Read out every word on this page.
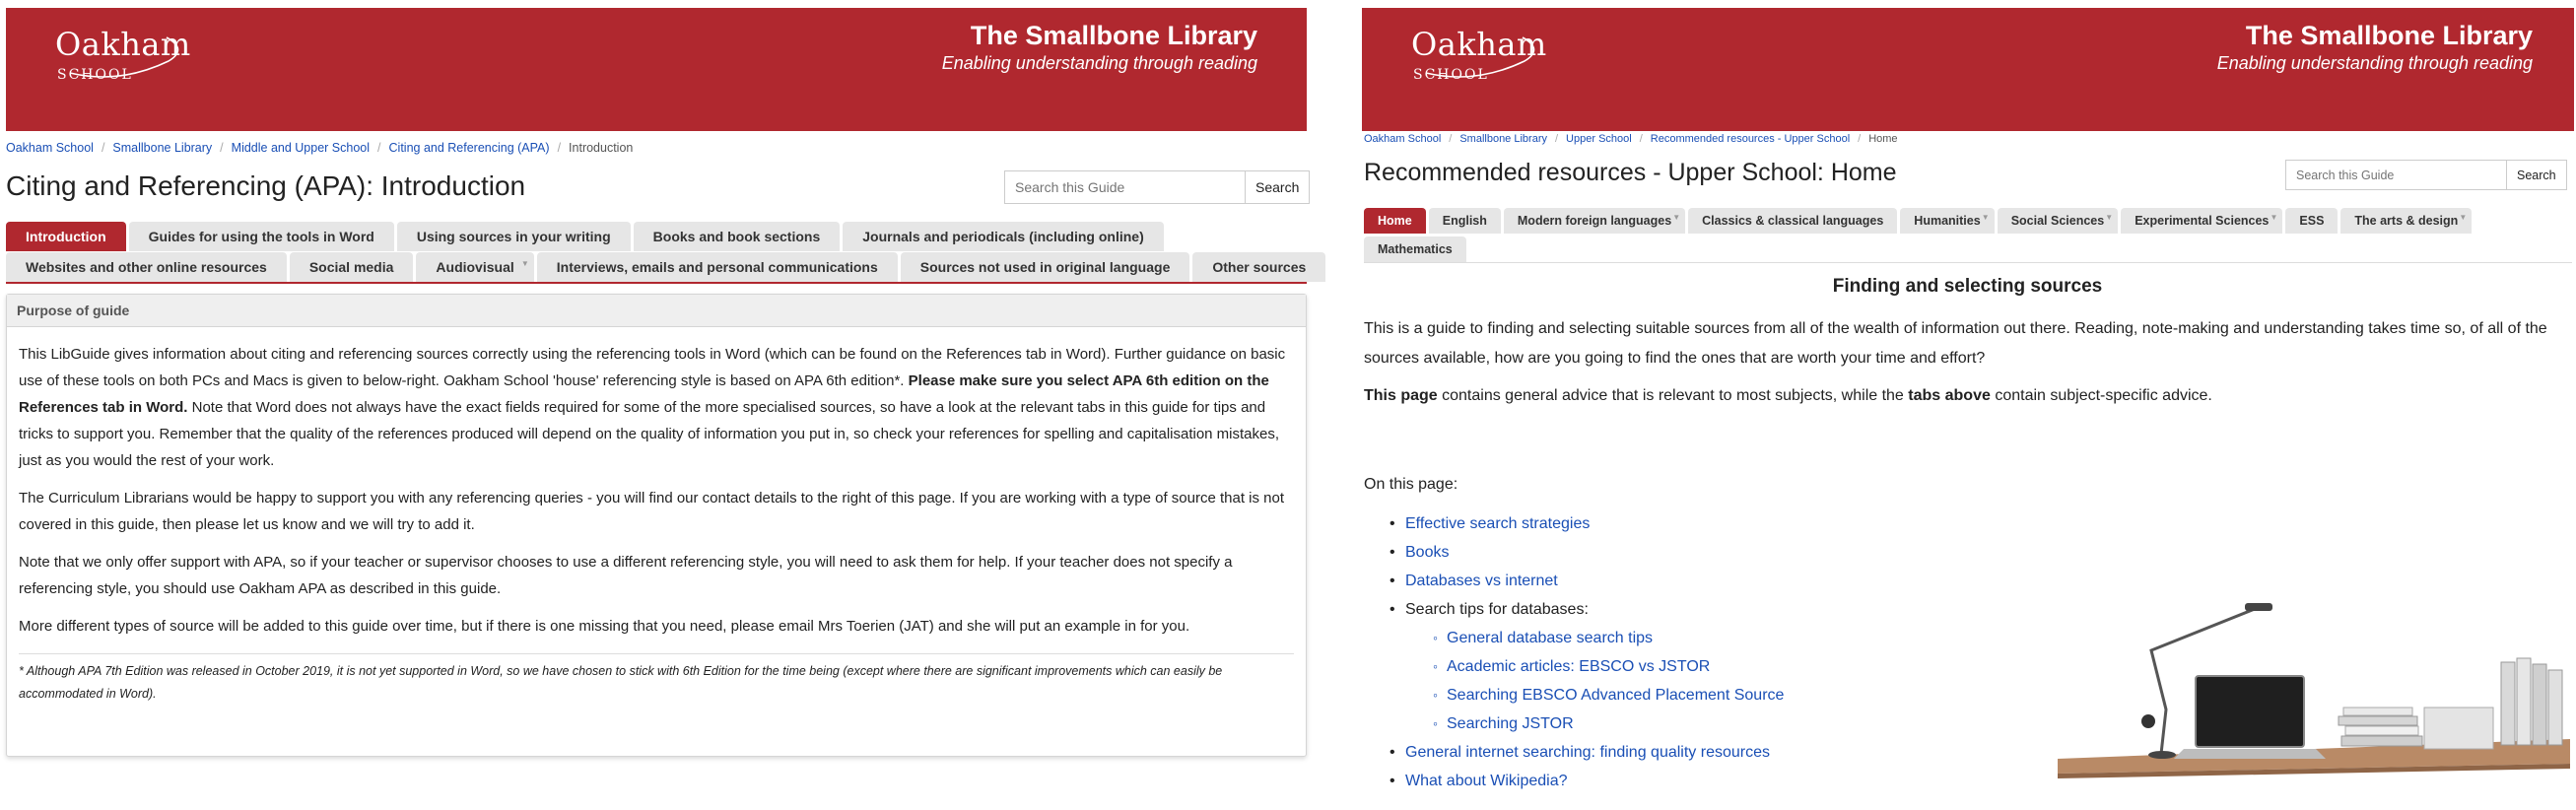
Oakham
SCHOOL
The Smallbone Library
Enabling understanding through reading
Oakham School / Smallbone Library / Middle and Upper School / Citing and Referencing (APA) / Introduction
Citing and Referencing (APA): Introduction
Search this Guide	Search
Introduction	Guides for using the tools in Word	Using sources in your writing	Books and book sections	Journals and periodicals (including online)
Websites and other online resources	Social media	Audiovisual ▼	Interviews, emails and personal communications	Sources not used in original language	Other sources
Purpose of guide

This LibGuide gives information about citing and referencing sources correctly using the referencing tools in Word (which can be found on the References tab in Word). Further guidance on basic use of these tools on both PCs and Macs is given to below-right. Oakham School 'house' referencing style is based on APA 6th edition*. Please make sure you select APA 6th edition on the References tab in Word. Note that Word does not always have the exact fields required for some of the more specialised sources, so have a look at the relevant tabs in this guide for tips and tricks to support you. Remember that the quality of the references produced will depend on the quality of information you put in, so check your references for spelling and capitalisation mistakes, just as you would the rest of your work.

The Curriculum Librarians would be happy to support you with any referencing queries - you will find our contact details to the right of this page. If you are working with a type of source that is not covered in this guide, then please let us know and we will try to add it.

Note that we only offer support with APA, so if your teacher or supervisor chooses to use a different referencing style, you will need to ask them for help. If your teacher does not specify a referencing style, you should use Oakham APA as described in this guide.

More different types of source will be added to this guide over time, but if there is one missing that you need, please email Mrs Toerien (JAT) and she will put an example in for you.

* Although APA 7th Edition was released in October 2019, it is not yet supported in Word, so we have chosen to stick with 6th Edition for the time being (except where there are significant improvements which can easily be accommodated in Word).
Oakham
SCHOOL
The Smallbone Library
Enabling understanding through reading
Oakham School / Smallbone Library / Upper School / Recommended resources - Upper School / Home
Recommended resources - Upper School: Home
Search this Guide	Search
Home	English	Modern foreign languages ▼	Classics & classical languages	Humanities ▼	Social Sciences ▼	Experimental Sciences ▼	ESS	The arts & design ▼
Mathematics
Finding and selecting sources

This is a guide to finding and selecting suitable sources from all of the wealth of information out there. Reading, note-making and understanding takes time so, of all of the sources available, how are you going to find the ones that are worth your time and effort?

This page contains general advice that is relevant to most subjects, while the tabs above contain subject-specific advice.

On this page:
• Effective search strategies
• Books
• Databases vs internet
• Search tips for databases:
◦ General database search tips
◦ Academic articles: EBSCO vs JSTOR
◦ Searching EBSCO Advanced Placement Source
◦ Searching JSTOR
• General internet searching: finding quality resources
• What about Wikipedia?
